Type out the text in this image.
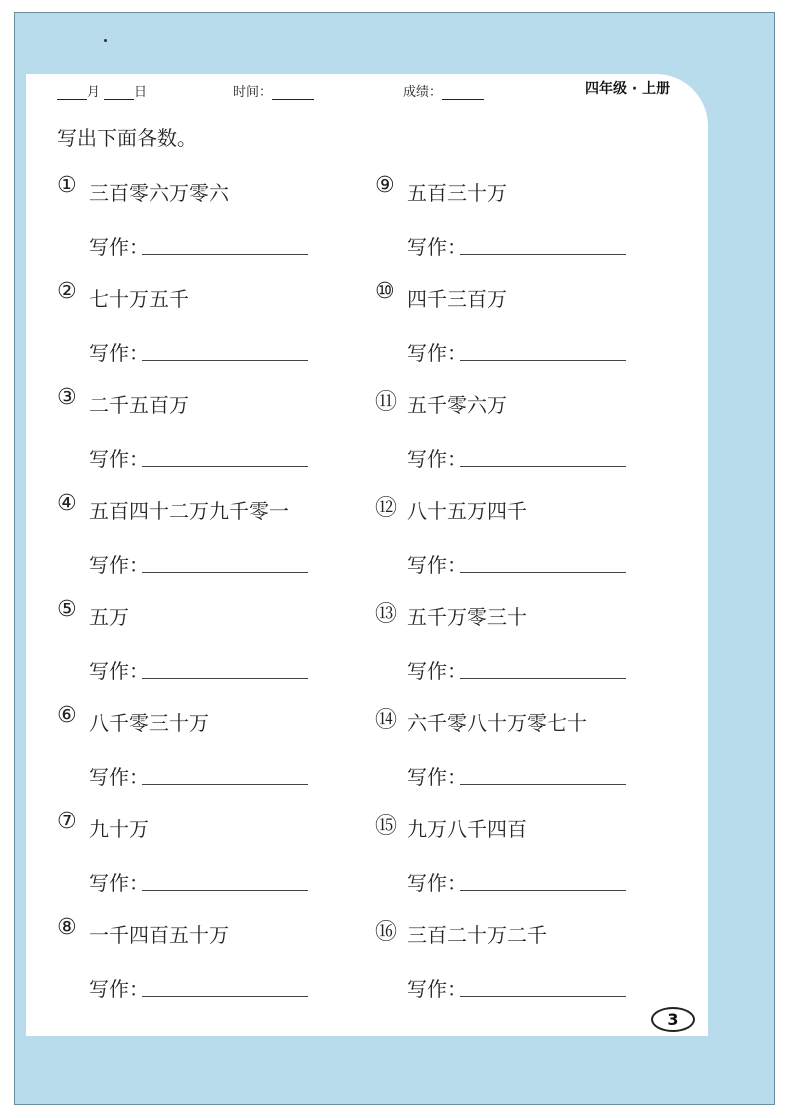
月	日	时间：	成绩：	四年级 · 上册
写出下面各数。
① 三百零六万零六
写作：
② 七十万五千
写作：
③ 二千五百万
写作：
④ 五百四十二万九千零一
写作：
⑤ 五万
写作：
⑥ 八千零三十万
写作：
⑦ 九十万
写作：
⑧ 一千四百五十万
写作：
⑨ 五百三十万
写作：
⑩ 四千三百万
写作：
⑪ 五千零六万
写作：
⑫ 八十五万四千
写作：
⑬ 五千万零三十
写作：
⑭ 六千零八十万零七十
写作：
⑮ 九万八千四百
写作：
⑯ 三百二十万二千
写作：
3
